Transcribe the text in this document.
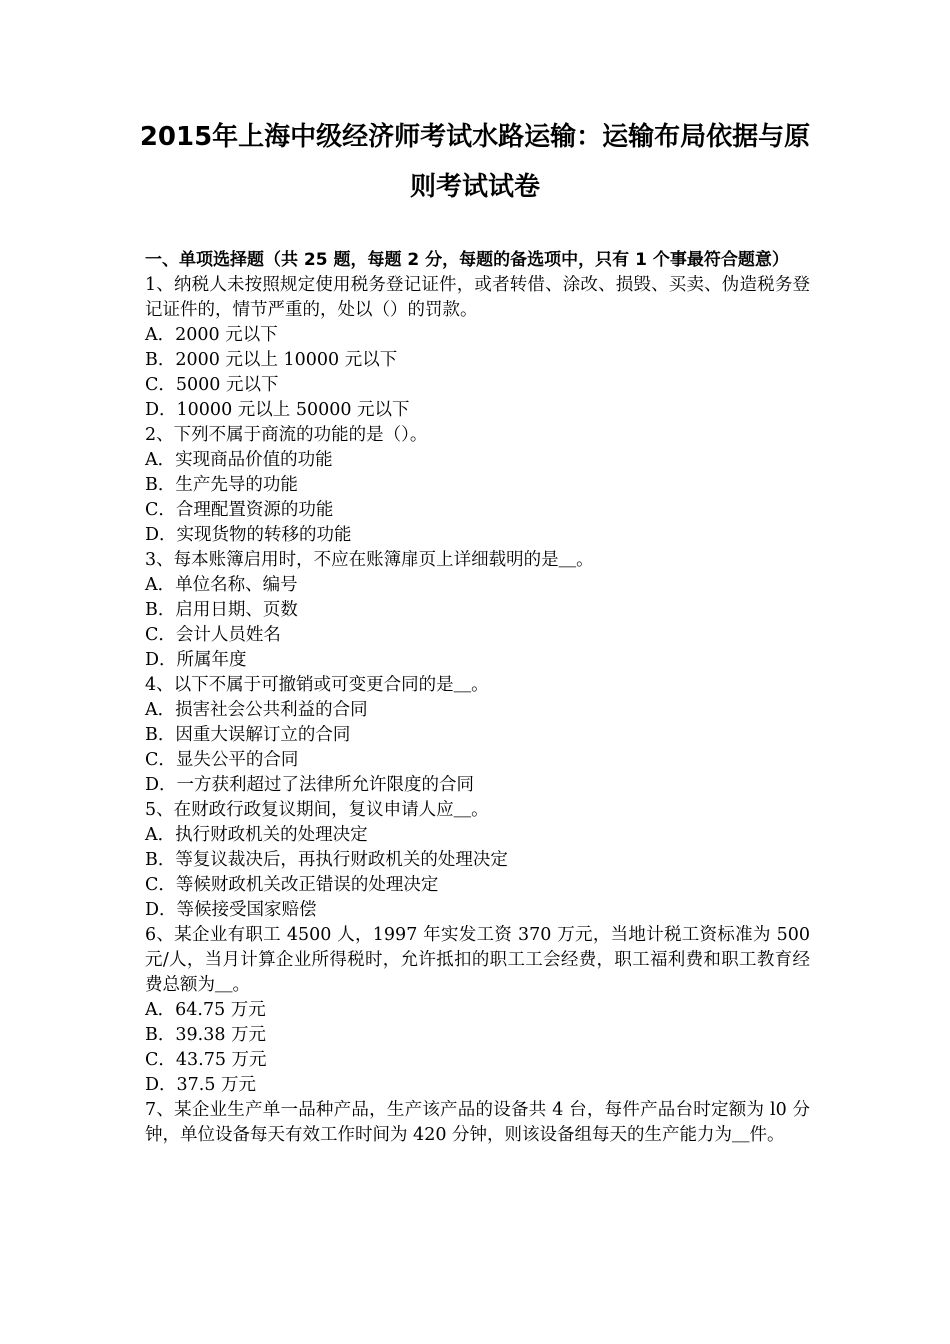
2015年上海中级经济师考试水路运输：运输布局依据与原
则考试试卷
一、单项选择题（共 25 题，每题 2 分，每题的备选项中，只有 1 个事最符合题意）
1、纳税人未按照规定使用税务登记证件，或者转借、涂改、损毁、买卖、伪造税务登记证件的，情节严重的，处以（）的罚款。
A．2000 元以下
B．2000 元以上 10000 元以下
C．5000 元以下
D．10000 元以上 50000 元以下
2、下列不属于商流的功能的是（）。
A．实现商品价值的功能
B．生产先导的功能
C．合理配置资源的功能
D．实现货物的转移的功能
3、每本账簿启用时，不应在账簿扉页上详细载明的是＿。
A．单位名称、编号
B．启用日期、页数
C．会计人员姓名
D．所属年度
4、以下不属于可撤销或可变更合同的是＿。
A．损害社会公共利益的合同
B．因重大误解订立的合同
C．显失公平的合同
D．一方获利超过了法律所允许限度的合同
5、在财政行政复议期间，复议申请人应＿。
A．执行财政机关的处理决定
B．等复议裁决后，再执行财政机关的处理决定
C．等候财政机关改正错误的处理决定
D．等候接受国家赔偿
6、某企业有职工 4500 人，1997 年实发工资 370 万元，当地计税工资标准为 500 元/人，当月计算企业所得税时，允许抵扣的职工工会经费，职工福利费和职工教育经费总额为＿。
A．64.75 万元
B．39.38 万元
C．43.75 万元
D．37.5 万元
7、某企业生产单一品种产品，生产该产品的设备共 4 台，每件产品台时定额为 l0 分钟，单位设备每天有效工作时间为 420 分钟，则该设备组每天的生产能力为＿件。
